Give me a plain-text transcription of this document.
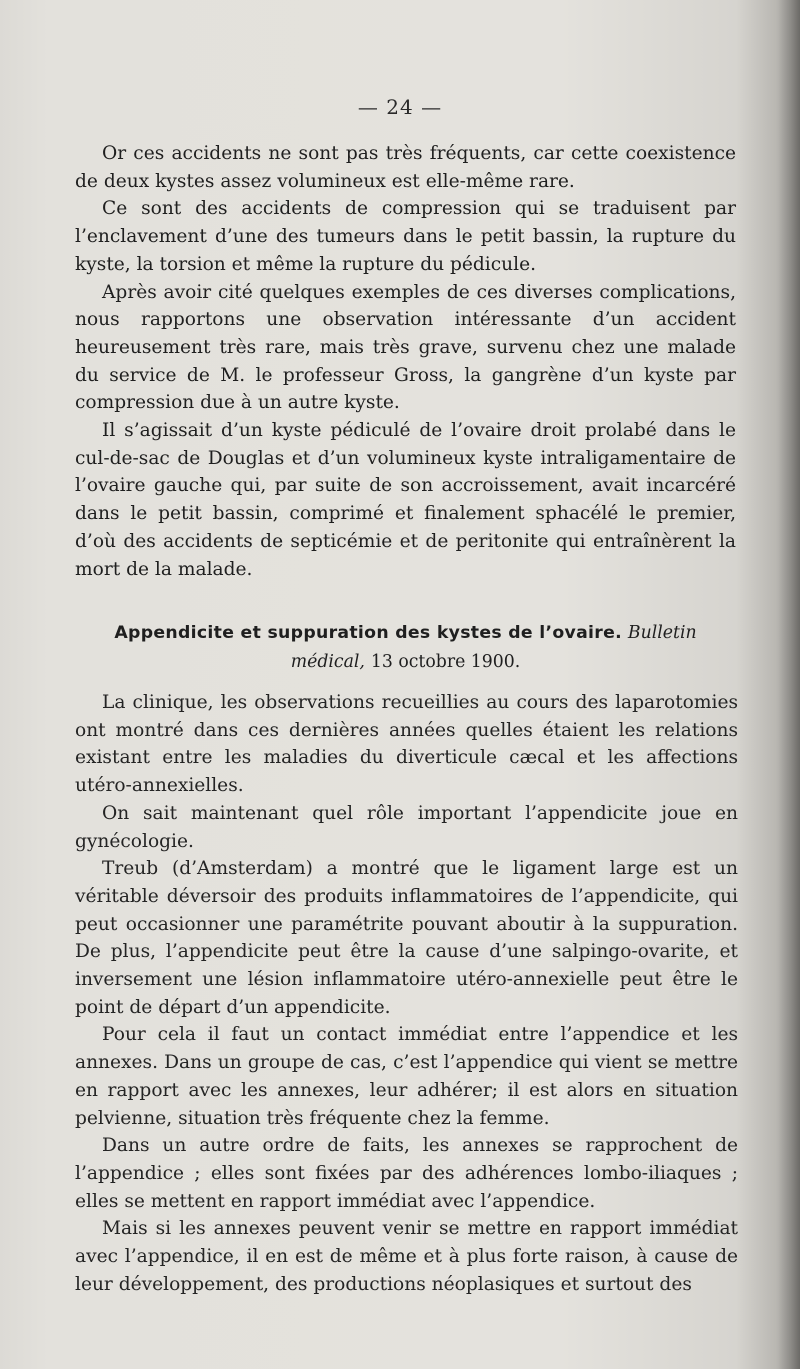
— 24 —

Or ces accidents ne sont pas très fréquents, car cette coexistence de deux kystes assez volumineux est elle-même rare.

Ce sont des accidents de compression qui se traduisent par l’enclavement d’une des tumeurs dans le petit bassin, la rupture du kyste, la torsion et même la rupture du pédicule.

Après avoir cité quelques exemples de ces diverses complications, nous rapportons une observation intéressante d’un accident heureusement très rare, mais très grave, survenu chez une malade du service de M. le professeur Gross, la gangrène d’un kyste par compression due à un autre kyste.

Il s’agissait d’un kyste pédiculé de l’ovaire droit prolabé dans le cul-de-sac de Douglas et d’un volumineux kyste intraligamentaire de l’ovaire gauche qui, par suite de son accroissement, avait incarcéré dans le petit bassin, comprimé et finalement sphacélé le premier, d’où des accidents de septicémie et de peritonite qui entraînèrent la mort de la malade.

Appendicite et suppuration des kystes de l’ovaire. Bulletin médical, 13 octobre 1900.

La clinique, les observations recueillies au cours des laparotomies ont montré dans ces dernières années quelles étaient les relations existant entre les maladies du diverticule cæcal et les affections utéro-annexielles.

On sait maintenant quel rôle important l’appendicite joue en gynécologie.

Treub (d’Amsterdam) a montré que le ligament large est un véritable déversoir des produits inflammatoires de l’appendicite, qui peut occasionner une paramétrite pouvant aboutir à la suppuration. De plus, l’appendicite peut être la cause d’une salpingo-ovarite, et inversement une lésion inflammatoire utéro-annexielle peut être le point de départ d’un appendicite.

Pour cela il faut un contact immédiat entre l’appendice et les annexes. Dans un groupe de cas, c’est l’appendice qui vient se mettre en rapport avec les annexes, leur adhérer; il est alors en situation pelvienne, situation très fréquente chez la femme.

Dans un autre ordre de faits, les annexes se rapprochent de l’appendice ; elles sont fixées par des adhérences lombo-iliaques ; elles se mettent en rapport immédiat avec l’appendice.

Mais si les annexes peuvent venir se mettre en rapport immédiat avec l’appendice, il en est de même et à plus forte raison, à cause de leur développement, des productions néoplasiques et surtout des
